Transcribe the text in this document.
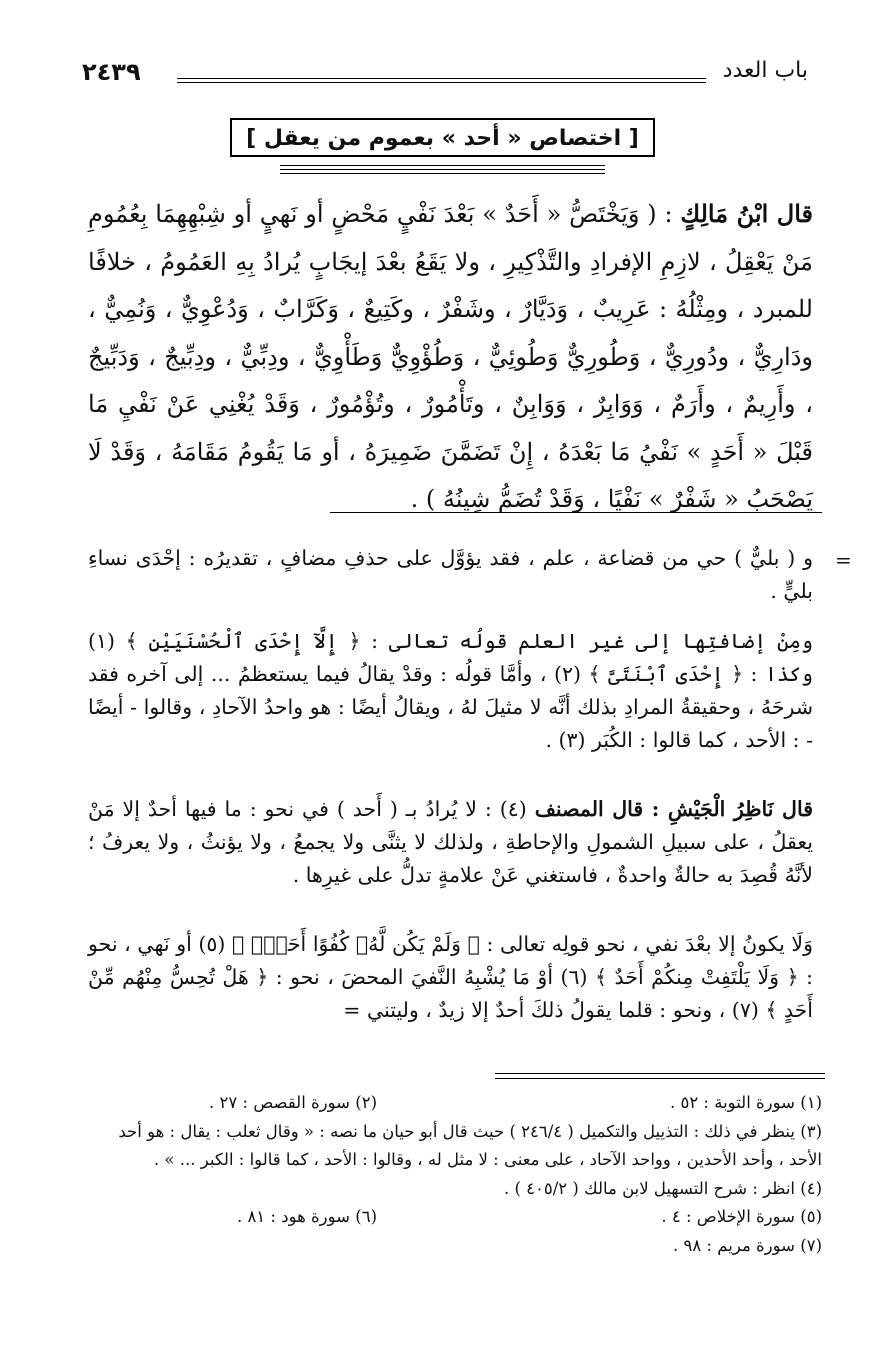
باب العدد
٢٤٣٩
[ اختصاص « أحد » بعموم من يعقل ]
قال ابْنُ مَالِكٍ : ( وَيَخْتَصُّ « أَحَدٌ » بَعْدَ نَفْيٍ مَحْضٍ أو نَهيٍ أو شِبْهِهِمَا بِعُمُومِ مَنْ يَعْقِلُ ، لازِمِ الإفرادِ والتَّذْكِيرِ ، ولا يَقَعُ بعْدَ إيجَابٍ يُرادُ بِهِ العَمُومُ ، خلافًا للمبرد ، ومِثْلُهُ : عَرِيبٌ ، وَدَيَّارٌ ، وشَفْرٌ ، وكَتِيعٌ ، وَكَرَّابٌ ، وَدُعْوِيٌّ ، وَنُمِيٌّ ، ودَارِيٌّ ، ودُورِيٌّ ، وَطُورِيٌّ وَطُوئِيٌّ ، وَطُؤْوِيٌّ وَطَأْوِيٌّ ، ودِبِّيٌّ ، ودِبِّيجٌ ، وَدَبِّيجٌ ، وأَرِيمٌ ، وأَرَمٌ ، وَوَابِرٌ ، وَوَابِنٌ ، وتَأْمُورٌ ، وتُؤْمُورٌ ، وَقَدْ يُغْنِي عَنْ نَفْيِ مَا قَبْلَ « أَحَدٍ » نَفْيُ مَا بَعْدَهُ ، إِنْ تَضَمَّنَ ضَمِيرَهُ ، أو مَا يَقُومُ مَقَامَهُ ، وَقَدْ لَا يَصْحَبُ « شَفْرٌ » نَفْيًا ، وَقَدْ تُضَمُّ شِينُهُ ) .
=
و ( بليٌّ ) حي من قضاعة ، علم ، فقد يؤوَّل على حذفِ مضافٍ ، تقديرُه : إحْدَى نساءِ بليٍّ .
ومِنْ إضافتِها إلى غير العلم قولُه تعالى : ﴿ إِلَّآ إِحْدَى ٱلْحُسْنَيَيْنِ ﴾ (١) وكذا : ﴿ إِحْدَى ٱبْنَتَىَّ ﴾ (٢) ، وأمَّا قولُه : وقدْ يقالُ فيما يستعظمُ ... إلى آخره فقد شرحَهُ ، وحقيقةُ المرادِ بذلك أنَّه لا مثيلَ لهُ ، ويقالُ أيضًا : هو واحدُ الآحادِ ، وقالوا - أيضًا - : الأحد ، كما قالوا : الكُبَر (٣) .
قال نَاظِرُ الْجَيْشِ : قال المصنف (٤) : لا يُرادُ بـ ( أَحد ) في نحو : ما فيها أحدٌ إلا مَنْ يعقلُ ، على سبيلِ الشمولِ والإحاطةِ ، ولذلك لا يثنَّى ولا يجمعُ ، ولا يؤنثُ ، ولا يعرفُ ؛ لأنَّهُ قُصِدَ به حالةٌ واحدةٌ ، فاستغني عَنْ علامةٍ تدلُّ على غيرِها .
وَلَا يكونُ إلا بعْدَ نفي ، نحو قولِه تعالى : ﴿ وَلَمْ يَكُن لَّهُۥ كُفُوًا أَحَدٌۢ ﴾ (٥) أو نَهي ، نحو : ﴿ وَلَا يَلْتَفِتْ مِنكُمْ أَحَدٌ ﴾ (٦) أوْ مَا يُشْبِهُ النَّفيَ المحضَ ، نحو : ﴿ هَلْ تُحِسُّ مِنْهُم مِّنْ أَحَدٍ ﴾ (٧) ، ونحو : قلما يقولُ ذلكَ أحدٌ إلا زيدٌ ، وليتني =
(١) سورة التوبة : ٥٢ .
(٢) سورة القصص : ٢٧ .
(٣) ينظر في ذلك : التذييل والتكميل ( ٢٤٦/٤ ) حيث قال أبو حيان ما نصه : « وقال ثعلب : يقال : هو أحد
الأحد ، وأحد الأحدين ، وواحد الآحاد ، على معنى : لا مثل له ، وقالوا : الأحد ، كما قالوا : الكبر ... » .
(٤) انظر : شرح التسهيل لابن مالك ( ٤٠٥/٢ ) .
(٥) سورة الإخلاص : ٤ .
(٦) سورة هود : ٨١ .
(٧) سورة مريم : ٩٨ .
